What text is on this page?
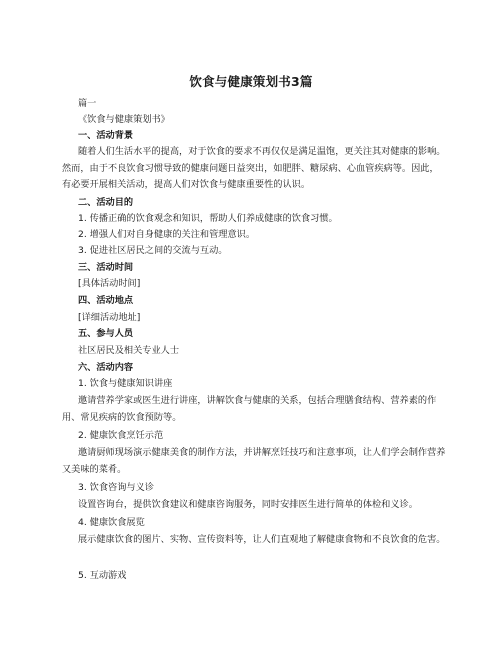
饮食与健康策划书3篇
篇一
《饮食与健康策划书》
一、活动背景
随着人们生活水平的提高，对于饮食的要求不再仅仅是满足温饱，更关注其对健康的影响。然而，由于不良饮食习惯导致的健康问题日益突出，如肥胖、糖尿病、心血管疾病等。因此，有必要开展相关活动，提高人们对饮食与健康重要性的认识。
二、活动目的
1. 传播正确的饮食观念和知识，帮助人们养成健康的饮食习惯。
2. 增强人们对自身健康的关注和管理意识。
3. 促进社区居民之间的交流与互动。
三、活动时间
[具体活动时间]
四、活动地点
[详细活动地址]
五、参与人员
社区居民及相关专业人士
六、活动内容
1. 饮食与健康知识讲座
邀请营养学家或医生进行讲座，讲解饮食与健康的关系，包括合理膳食结构、营养素的作用、常见疾病的饮食预防等。
2. 健康饮食烹饪示范
邀请厨师现场演示健康美食的制作方法，并讲解烹饪技巧和注意事项，让人们学会制作营养又美味的菜肴。
3. 饮食咨询与义诊
设置咨询台，提供饮食建议和健康咨询服务，同时安排医生进行简单的体检和义诊。
4. 健康饮食展览
展示健康饮食的图片、实物、宣传资料等，让人们直观地了解健康食物和不良饮食的危害。
5. 互动游戏
